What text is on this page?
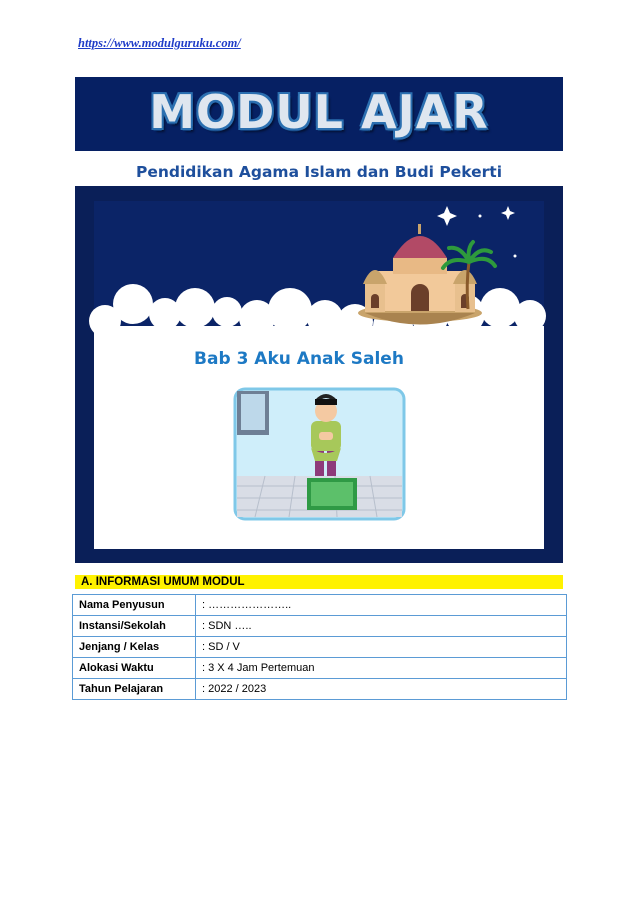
https://www.modulguruku.com/
MODUL AJAR
Pendidikan Agama Islam dan Budi Pekerti
Bab 3 Aku Anak Saleh
A. INFORMASI UMUM MODUL
Nama Penyusun	: …………………..
Instansi/Sekolah	: SDN …..
Jenjang / Kelas	: SD / V
Alokasi Waktu	: 3 X 4 Jam Pertemuan
Tahun Pelajaran	: 2022 / 2023
